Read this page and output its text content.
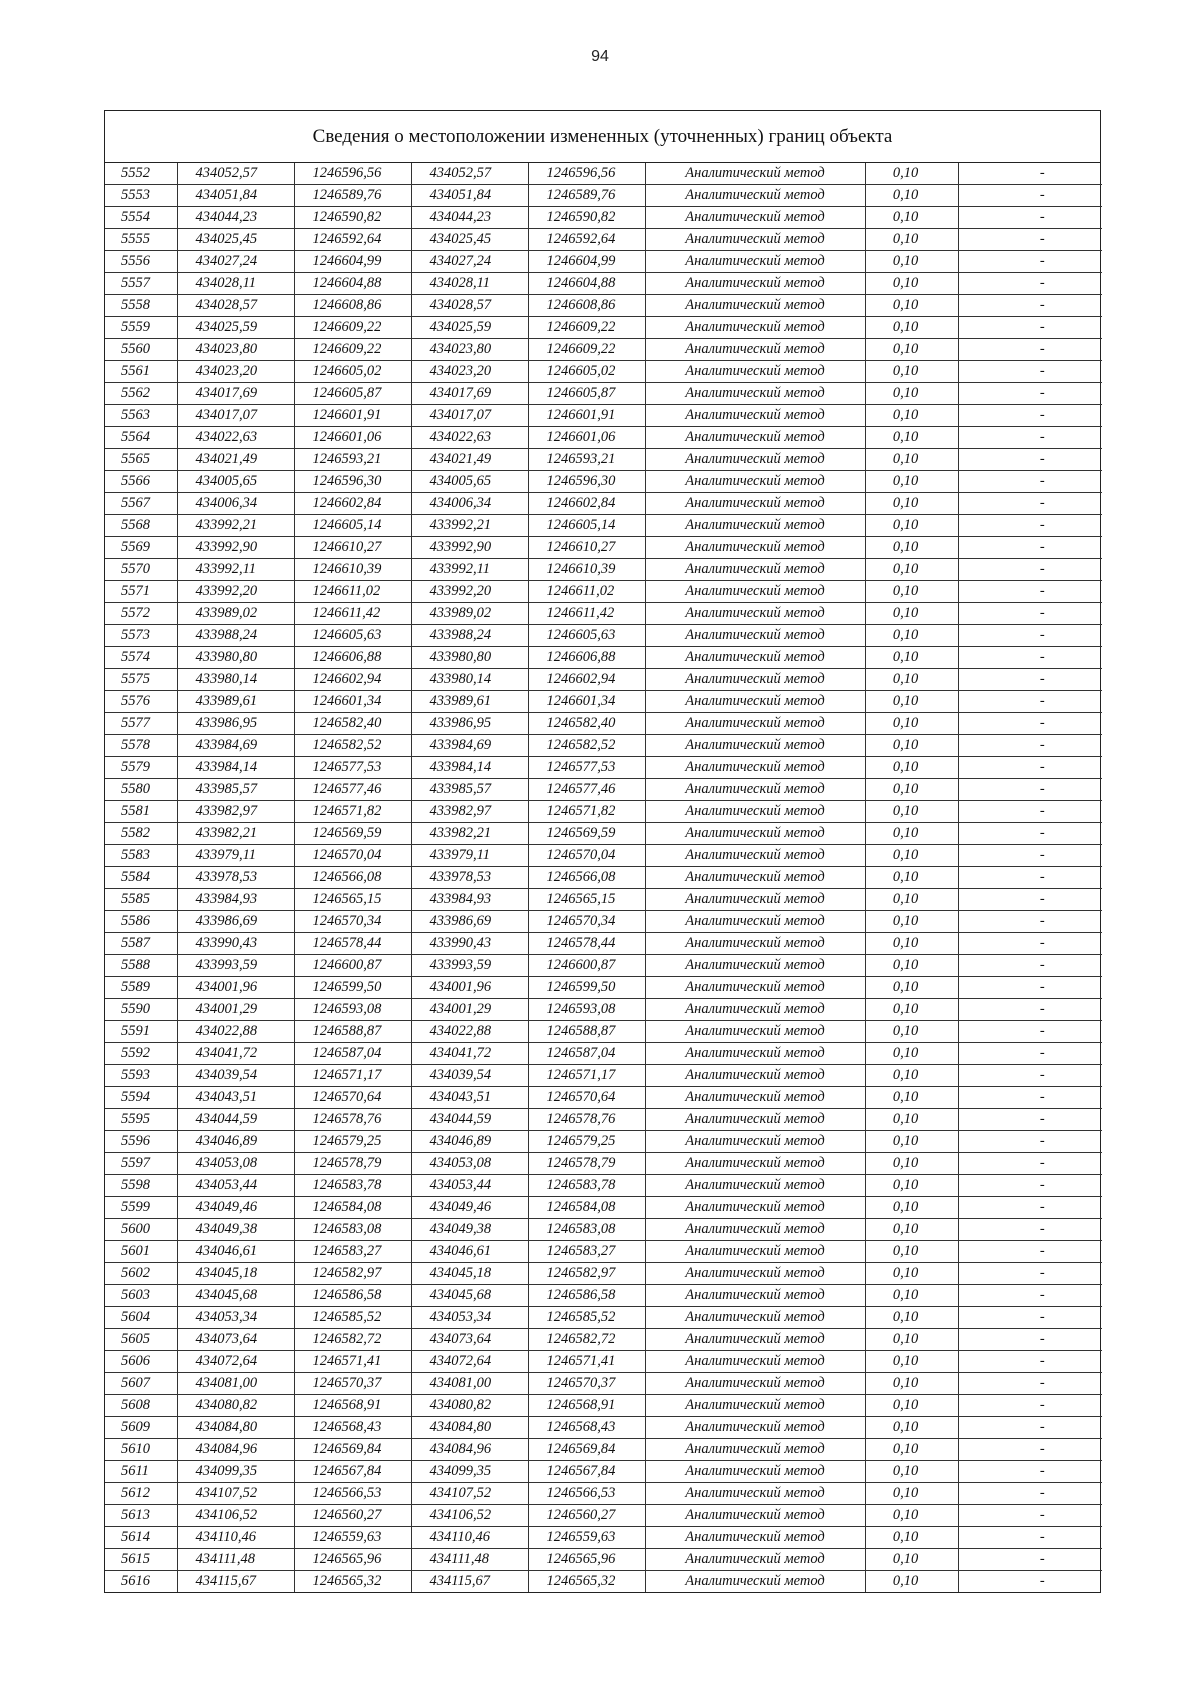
94
Сведения о местоположении измененных (уточненных) границ объекта
5552	434052,57	1246596,56	434052,57	1246596,56	Аналитический метод	0,10	-
5553	434051,84	1246589,76	434051,84	1246589,76	Аналитический метод	0,10	-
5554	434044,23	1246590,82	434044,23	1246590,82	Аналитический метод	0,10	-
5555	434025,45	1246592,64	434025,45	1246592,64	Аналитический метод	0,10	-
5556	434027,24	1246604,99	434027,24	1246604,99	Аналитический метод	0,10	-
5557	434028,11	1246604,88	434028,11	1246604,88	Аналитический метод	0,10	-
5558	434028,57	1246608,86	434028,57	1246608,86	Аналитический метод	0,10	-
5559	434025,59	1246609,22	434025,59	1246609,22	Аналитический метод	0,10	-
5560	434023,80	1246609,22	434023,80	1246609,22	Аналитический метод	0,10	-
5561	434023,20	1246605,02	434023,20	1246605,02	Аналитический метод	0,10	-
5562	434017,69	1246605,87	434017,69	1246605,87	Аналитический метод	0,10	-
5563	434017,07	1246601,91	434017,07	1246601,91	Аналитический метод	0,10	-
5564	434022,63	1246601,06	434022,63	1246601,06	Аналитический метод	0,10	-
5565	434021,49	1246593,21	434021,49	1246593,21	Аналитический метод	0,10	-
5566	434005,65	1246596,30	434005,65	1246596,30	Аналитический метод	0,10	-
5567	434006,34	1246602,84	434006,34	1246602,84	Аналитический метод	0,10	-
5568	433992,21	1246605,14	433992,21	1246605,14	Аналитический метод	0,10	-
5569	433992,90	1246610,27	433992,90	1246610,27	Аналитический метод	0,10	-
5570	433992,11	1246610,39	433992,11	1246610,39	Аналитический метод	0,10	-
5571	433992,20	1246611,02	433992,20	1246611,02	Аналитический метод	0,10	-
5572	433989,02	1246611,42	433989,02	1246611,42	Аналитический метод	0,10	-
5573	433988,24	1246605,63	433988,24	1246605,63	Аналитический метод	0,10	-
5574	433980,80	1246606,88	433980,80	1246606,88	Аналитический метод	0,10	-
5575	433980,14	1246602,94	433980,14	1246602,94	Аналитический метод	0,10	-
5576	433989,61	1246601,34	433989,61	1246601,34	Аналитический метод	0,10	-
5577	433986,95	1246582,40	433986,95	1246582,40	Аналитический метод	0,10	-
5578	433984,69	1246582,52	433984,69	1246582,52	Аналитический метод	0,10	-
5579	433984,14	1246577,53	433984,14	1246577,53	Аналитический метод	0,10	-
5580	433985,57	1246577,46	433985,57	1246577,46	Аналитический метод	0,10	-
5581	433982,97	1246571,82	433982,97	1246571,82	Аналитический метод	0,10	-
5582	433982,21	1246569,59	433982,21	1246569,59	Аналитический метод	0,10	-
5583	433979,11	1246570,04	433979,11	1246570,04	Аналитический метод	0,10	-
5584	433978,53	1246566,08	433978,53	1246566,08	Аналитический метод	0,10	-
5585	433984,93	1246565,15	433984,93	1246565,15	Аналитический метод	0,10	-
5586	433986,69	1246570,34	433986,69	1246570,34	Аналитический метод	0,10	-
5587	433990,43	1246578,44	433990,43	1246578,44	Аналитический метод	0,10	-
5588	433993,59	1246600,87	433993,59	1246600,87	Аналитический метод	0,10	-
5589	434001,96	1246599,50	434001,96	1246599,50	Аналитический метод	0,10	-
5590	434001,29	1246593,08	434001,29	1246593,08	Аналитический метод	0,10	-
5591	434022,88	1246588,87	434022,88	1246588,87	Аналитический метод	0,10	-
5592	434041,72	1246587,04	434041,72	1246587,04	Аналитический метод	0,10	-
5593	434039,54	1246571,17	434039,54	1246571,17	Аналитический метод	0,10	-
5594	434043,51	1246570,64	434043,51	1246570,64	Аналитический метод	0,10	-
5595	434044,59	1246578,76	434044,59	1246578,76	Аналитический метод	0,10	-
5596	434046,89	1246579,25	434046,89	1246579,25	Аналитический метод	0,10	-
5597	434053,08	1246578,79	434053,08	1246578,79	Аналитический метод	0,10	-
5598	434053,44	1246583,78	434053,44	1246583,78	Аналитический метод	0,10	-
5599	434049,46	1246584,08	434049,46	1246584,08	Аналитический метод	0,10	-
5600	434049,38	1246583,08	434049,38	1246583,08	Аналитический метод	0,10	-
5601	434046,61	1246583,27	434046,61	1246583,27	Аналитический метод	0,10	-
5602	434045,18	1246582,97	434045,18	1246582,97	Аналитический метод	0,10	-
5603	434045,68	1246586,58	434045,68	1246586,58	Аналитический метод	0,10	-
5604	434053,34	1246585,52	434053,34	1246585,52	Аналитический метод	0,10	-
5605	434073,64	1246582,72	434073,64	1246582,72	Аналитический метод	0,10	-
5606	434072,64	1246571,41	434072,64	1246571,41	Аналитический метод	0,10	-
5607	434081,00	1246570,37	434081,00	1246570,37	Аналитический метод	0,10	-
5608	434080,82	1246568,91	434080,82	1246568,91	Аналитический метод	0,10	-
5609	434084,80	1246568,43	434084,80	1246568,43	Аналитический метод	0,10	-
5610	434084,96	1246569,84	434084,96	1246569,84	Аналитический метод	0,10	-
5611	434099,35	1246567,84	434099,35	1246567,84	Аналитический метод	0,10	-
5612	434107,52	1246566,53	434107,52	1246566,53	Аналитический метод	0,10	-
5613	434106,52	1246560,27	434106,52	1246560,27	Аналитический метод	0,10	-
5614	434110,46	1246559,63	434110,46	1246559,63	Аналитический метод	0,10	-
5615	434111,48	1246565,96	434111,48	1246565,96	Аналитический метод	0,10	-
5616	434115,67	1246565,32	434115,67	1246565,32	Аналитический метод	0,10	-
